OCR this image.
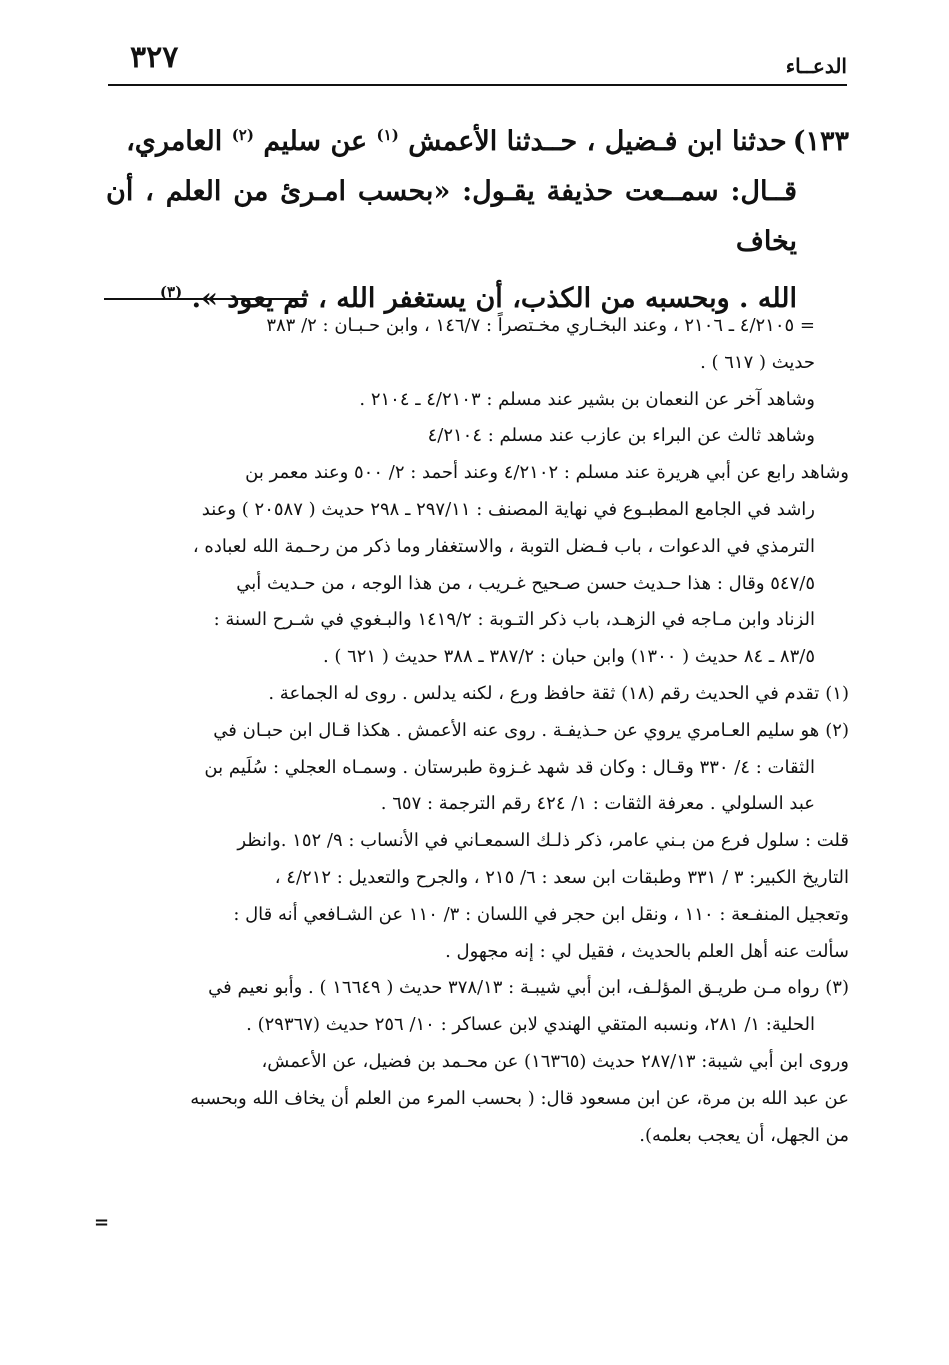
٣٢٧	الدعــاء

١٣٣)حدثنا ابن فـضيل ، حــدثنا الأعمش $^{(١)}$ عن سليم $^{(٢)}$ العامري،

قــال: سمــعت حذيفة يقـول: «بحسب امـرئ من العلم ، أن يخاف

الله . وبحسبه من الكذب، أن يستغفر الله ، ثم يعود ». $^{(٣)}$

= ٤/٢١٠٥ ـ ٢١٠٦ ، وعند البخـاري مخـتصراً : ١٤٦/٧ ، وابن حـبـان : ٢/ ٣٨٣

حديث ( ٦١٧ ) .

وشاهد آخر عن النعمان بن بشير عند مسلم : ٤/٢١٠٣ ـ ٢١٠٤ .

وشاهد ثالث عن البراء بن عازب عند مسلم : ٤/٢١٠٤

وشاهد رابع عن أبي هريرة عند مسلم : ٤/٢١٠٢ وعند أحمد : ٢/ ٥٠٠ وعند معمر بن

راشد في الجامع المطبـوع في نهاية المصنف : ٢٩٧/١١ ـ ٢٩٨ حديث ( ٢٠٥٨٧ ) وعند

الترمذي في الدعوات ، باب فـضل التوبة ، والاستغفار وما ذكر من رحـمة الله لعباده ،

٥٤٧/٥ وقال : هذا حـديث حسن صـحيح غـريب ، من هذا الوجه ، من حـديث أبي

الزناد وابن مـاجه في الزهـد، باب ذكر التـوبة : ١٤١٩/٢ والبـغوي في شـرح السنة :

٨٣/٥ ـ ٨٤ حديث ( ١٣٠٠) وابن حبان : ٣٨٧/٢ ـ ٣٨٨ حديث ( ٦٢١ ) .

(١)تقدم في الحديث رقم (١٨) ثقة حافظ ورع ، لكنه يدلس . روى له الجماعة .

(٢)هو سليم العـامري يروي عن حـذيفـة . روى عنه الأعمش . هكذا قـال ابن حبـان في

الثقات : ٤/ ٣٣٠ وقـال : وكان قد شهد غـزوة طبرستان . وسمـاه العجلي : سُلَيم بن

عبد السلولي . معرفة الثقات : ١/ ٤٢٤ رقم الترجمة : ٦٥٧ .

قلت : سلول فرع من بـني عامر، ذكر ذلـك السمعـاني في الأنساب : ٩/ ١٥٢ .وانظر

التاريخ الكبير: ٣ / ٣٣١ وطبقات ابن سعد : ٦/ ٢١٥ ، والجرح والتعديل : ٤/٢١٢ ،

وتعجيل المنفـعة : ١١٠ ، ونقل ابن حجر في اللسان : ٣/ ١١٠ عن الشـافعي أنه قال :

سألت عنه أهل العلم بالحديث ، فقيل لي : إنه مجهول .

(٣)رواه مـن طريـق المؤلـف، ابن أبي شيبـة : ٣٧٨/١٣ حديث ( ١٦٦٤٩ ) . وأبو نعيم في

الحلية: ١/ ٢٨١، ونسبه المتقي الهندي لابن عساكر : ١٠/ ٢٥٦ حديث (٢٩٣٦٧) .

وروى ابن أبي شيبة: ٢٨٧/١٣ حديث (١٦٣٦٥) عن محـمد بن فضيل، عن الأعمش،

عن عبد الله بن مرة، عن ابن مسعود قال: ( بحسب المرء من العلم أن يخاف الله وبحسبه

من الجهل، أن يعجب بعلمه).

=
